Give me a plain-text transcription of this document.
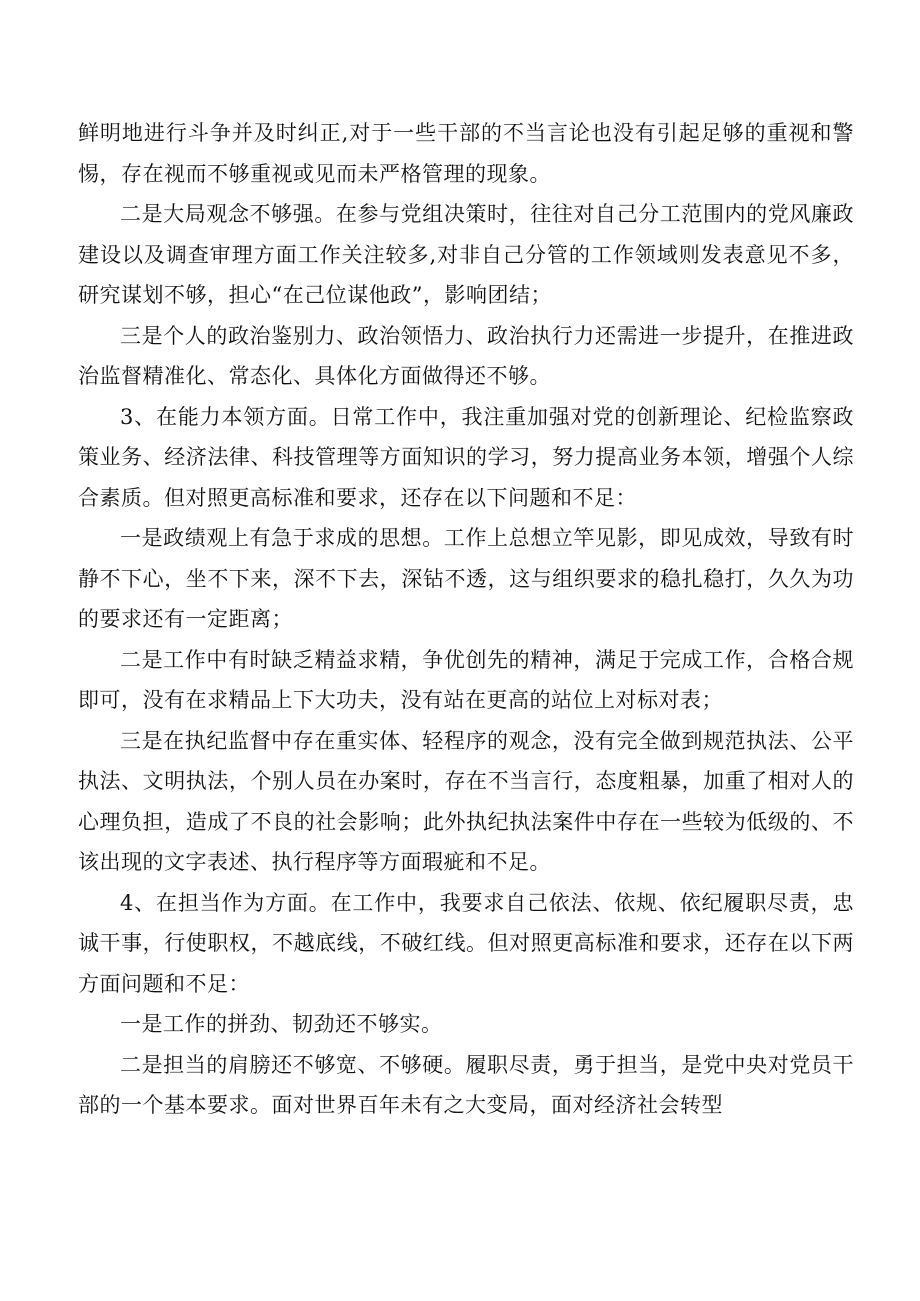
鲜明地进行斗争并及时纠正,对于一些干部的不当言论也没有引起足够的重视和警惕，存在视而不够重视或见而未严格管理的现象。

二是大局观念不够强。在参与党组决策时，往往对自己分工范围内的党风廉政建设以及调查审理方面工作关注较多,对非自己分管的工作领域则发表意见不多，研究谋划不够，担心“在己位谋他政”，影响团结；

三是个人的政治鉴别力、政治领悟力、政治执行力还需进一步提升，在推进政治监督精准化、常态化、具体化方面做得还不够。

3、在能力本领方面。日常工作中，我注重加强对党的创新理论、纪检监察政策业务、经济法律、科技管理等方面知识的学习，努力提高业务本领，增强个人综合素质。但对照更高标准和要求，还存在以下问题和不足：

一是政绩观上有急于求成的思想。工作上总想立竿见影，即见成效，导致有时静不下心，坐不下来，深不下去，深钻不透，这与组织要求的稳扎稳打，久久为功的要求还有一定距离；

二是工作中有时缺乏精益求精，争优创先的精神，满足于完成工作，合格合规即可，没有在求精品上下大功夫，没有站在更高的站位上对标对表；

三是在执纪监督中存在重实体、轻程序的观念，没有完全做到规范执法、公平执法、文明执法，个别人员在办案时，存在不当言行，态度粗暴，加重了相对人的心理负担，造成了不良的社会影响；此外执纪执法案件中存在一些较为低级的、不该出现的文字表述、执行程序等方面瑕疵和不足。

4、在担当作为方面。在工作中，我要求自己依法、依规、依纪履职尽责，忠诚干事，行使职权，不越底线，不破红线。但对照更高标准和要求，还存在以下两方面问题和不足：

一是工作的拼劲、韧劲还不够实。

二是担当的肩膀还不够宽、不够硬。履职尽责，勇于担当，是党中央对党员干部的一个基本要求。面对世界百年未有之大变局，面对经济社会转型
